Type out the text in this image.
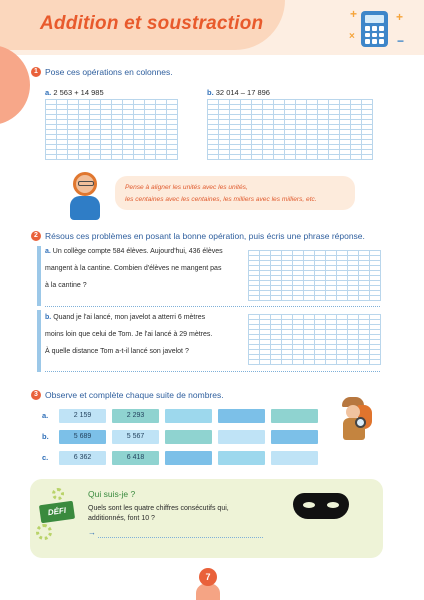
Addition et soustraction	+	+
×	−
1 Pose ces opérations en colonnes.
a. 2 563 + 14 985	b. 32 014 – 17 896

Pense à aligner les unités avec les unités,

les centaines avec les centaines, les milliers avec les milliers, etc.

2 Résous ces problèmes en posant la bonne opération, puis écris une phrase réponse.
a. Un collège compte 584 élèves. Aujourd'hui, 436 élèves
mangent à la cantine. Combien d'élèves ne mangent pas
à la cantine ?
b. Quand je l'ai lancé, mon javelot a atterri 6 mètres
moins loin que celui de Tom. Je l'ai lancé à 29 mètres.
À quelle distance Tom a-t-il lancé son javelot ?
3 Observe et complète chaque suite de nombres.
a.	2 159	2 293
b.	5 689	5 567
c.	6 362	6 418
DÉFI
Qui suis-je ?
Quels sont les quatre chiffres consécutifs qui,
additionnés, font 10 ?
→
7
